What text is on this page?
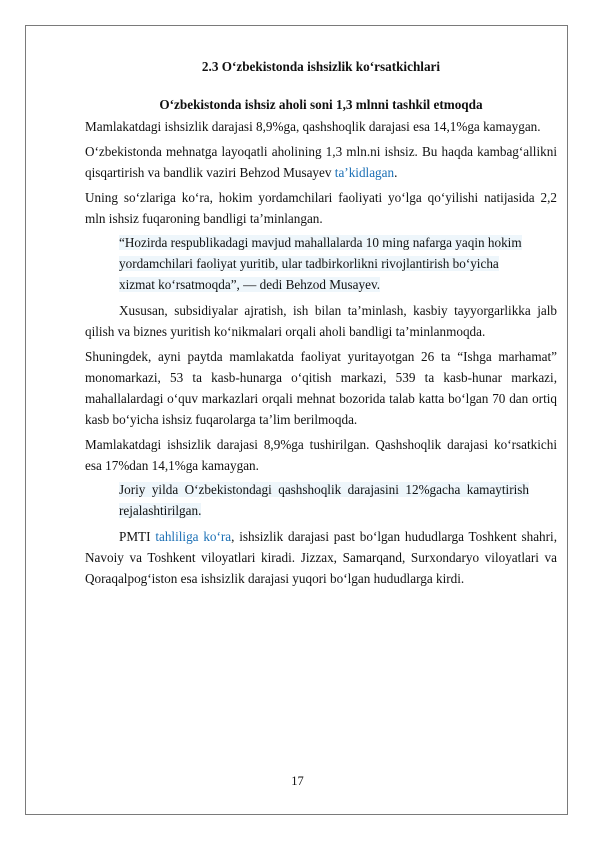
2.3 O‘zbekistonda ishsizlik ko‘rsatkichlari
O‘zbekistonda ishsiz aholi soni 1,3 mlnni tashkil etmoqda

Mamlakatdagi ishsizlik darajasi 8,9%ga, qashshoqlik darajasi esa 14,1%ga kamaygan.

O‘zbekistonda mehnatga layoqatli aholining 1,3 mln.ni ishsiz. Bu haqda kambag‘allikni qisqartirish va bandlik vaziri Behzod Musayev ta’kidlagan.

Uning so‘zlariga ko‘ra, hokim yordamchilari faoliyati yo‘lga qo‘yilishi natijasida 2,2 mln ishsiz fuqaroning bandligi ta’minlangan.

“Hozirda respublikadagi mavjud mahallalarda 10 ming nafarga yaqin hokim yordamchilari faoliyat yuritib, ular tadbirkorlikni rivojlantirish bo‘yicha xizmat ko‘rsatmoqda”, — dedi Behzod Musayev.

Xususan, subsidiyalar ajratish, ish bilan ta’minlash, kasbiy tayyorgarlikka jalb qilish va biznes yuritish ko‘nikmalari orqali aholi bandligi ta’minlanmoqda.

Shuningdek, ayni paytda mamlakatda faoliyat yuritayotgan 26 ta “Ishga marhamat” monomarkazi, 53 ta kasb-hunarga o‘qitish markazi, 539 ta kasb-hunar markazi, mahallalardagi o‘quv markazlari orqali mehnat bozorida talab katta bo‘lgan 70 dan ortiq kasb bo‘yicha ishsiz fuqarolarga ta’lim berilmoqda.

Mamlakatdagi ishsizlik darajasi 8,9%ga tushirilgan. Qashshoqlik darajasi ko‘rsatkichi esa 17%dan 14,1%ga kamaygan.

Joriy yilda O‘zbekistondagi qashshoqlik darajasini 12%gacha kamaytirish rejalashtirilgan.

PMTI tahliliga ko‘ra, ishsizlik darajasi past bo‘lgan hududlarga Toshkent shahri, Navoiy va Toshkent viloyatlari kiradi. Jizzax, Samarqand, Surxondaryo viloyatlari va Qoraqalpog‘iston esa ishsizlik darajasi yuqori bo‘lgan hududlarga kirdi.

17
